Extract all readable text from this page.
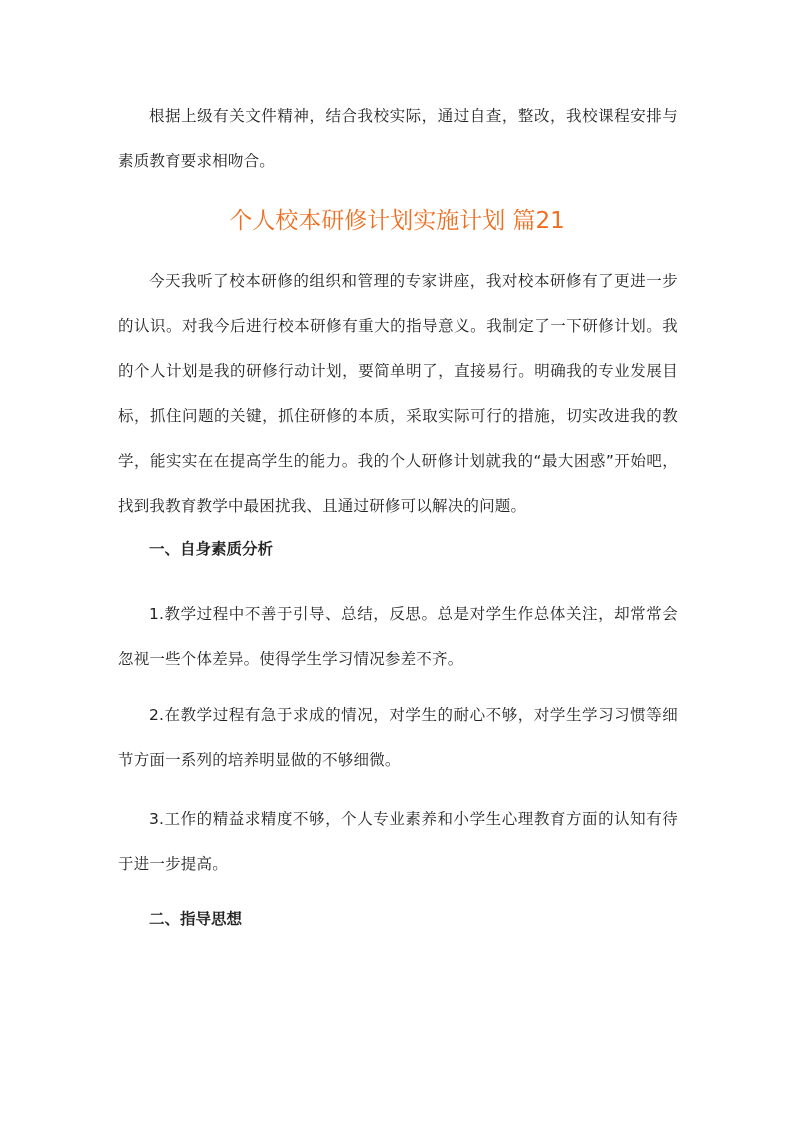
根据上级有关文件精神，结合我校实际，通过自查，整改，我校课程安排与素质教育要求相吻合。

个人校本研修计划实施计划 篇21

今天我听了校本研修的组织和管理的专家讲座，我对校本研修有了更进一步的认识。对我今后进行校本研修有重大的指导意义。我制定了一下研修计划。我的个人计划是我的研修行动计划，要简单明了，直接易行。明确我的专业发展目标，抓住问题的关键，抓住研修的本质，采取实际可行的措施，切实改进我的教学，能实实在在提高学生的能力。我的个人研修计划就我的“最大困惑”开始吧，找到我教育教学中最困扰我、且通过研修可以解决的问题。

一、自身素质分析

1.教学过程中不善于引导、总结，反思。总是对学生作总体关注，却常常会忽视一些个体差异。使得学生学习情况参差不齐。

2.在教学过程有急于求成的情况，对学生的耐心不够，对学生学习习惯等细节方面一系列的培养明显做的不够细微。

3.工作的精益求精度不够，个人专业素养和小学生心理教育方面的认知有待于进一步提高。

二、指导思想
